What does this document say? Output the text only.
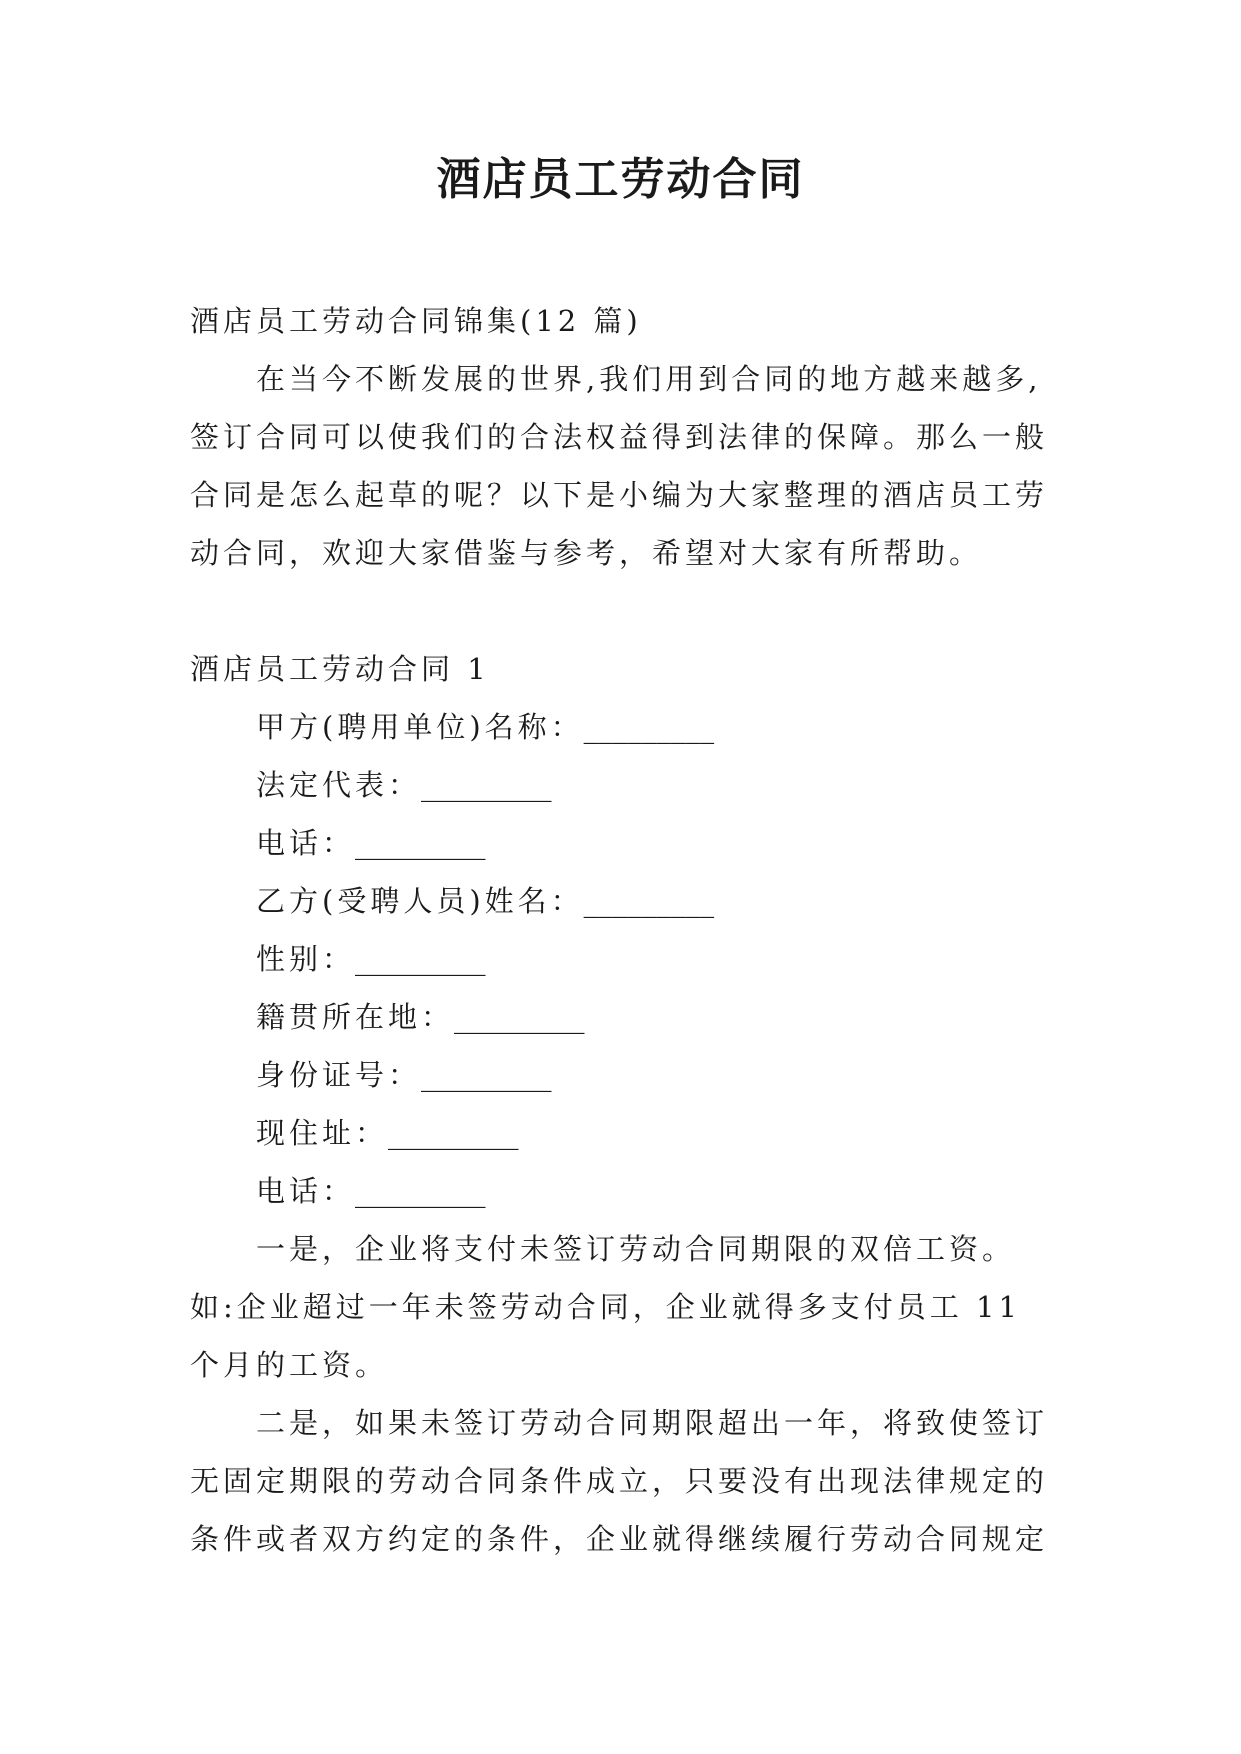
酒店员工劳动合同

酒店员工劳动合同锦集(12 篇)

在当今不断发展的世界,我们用到合同的地方越来越多,签订合同可以使我们的合法权益得到法律的保障。那么一般合同是怎么起草的呢？以下是小编为大家整理的酒店员工劳动合同，欢迎大家借鉴与参考，希望对大家有所帮助。

酒店员工劳动合同 1

甲方(聘用单位)名称：_________

法定代表：_________

电话：_________

乙方(受聘人员)姓名：_________

性别：_________

籍贯所在地：_________

身份证号：_________

现住址：_________

电话：_________

一是，企业将支付未签订劳动合同期限的双倍工资。如:企业超过一年未签劳动合同，企业就得多支付员工 11 个月的工资。

二是，如果未签订劳动合同期限超出一年，将致使签订无固定期限的劳动合同条件成立，只要没有出现法律规定的条件或者双方约定的条件，企业就得继续履行劳动合同规定
